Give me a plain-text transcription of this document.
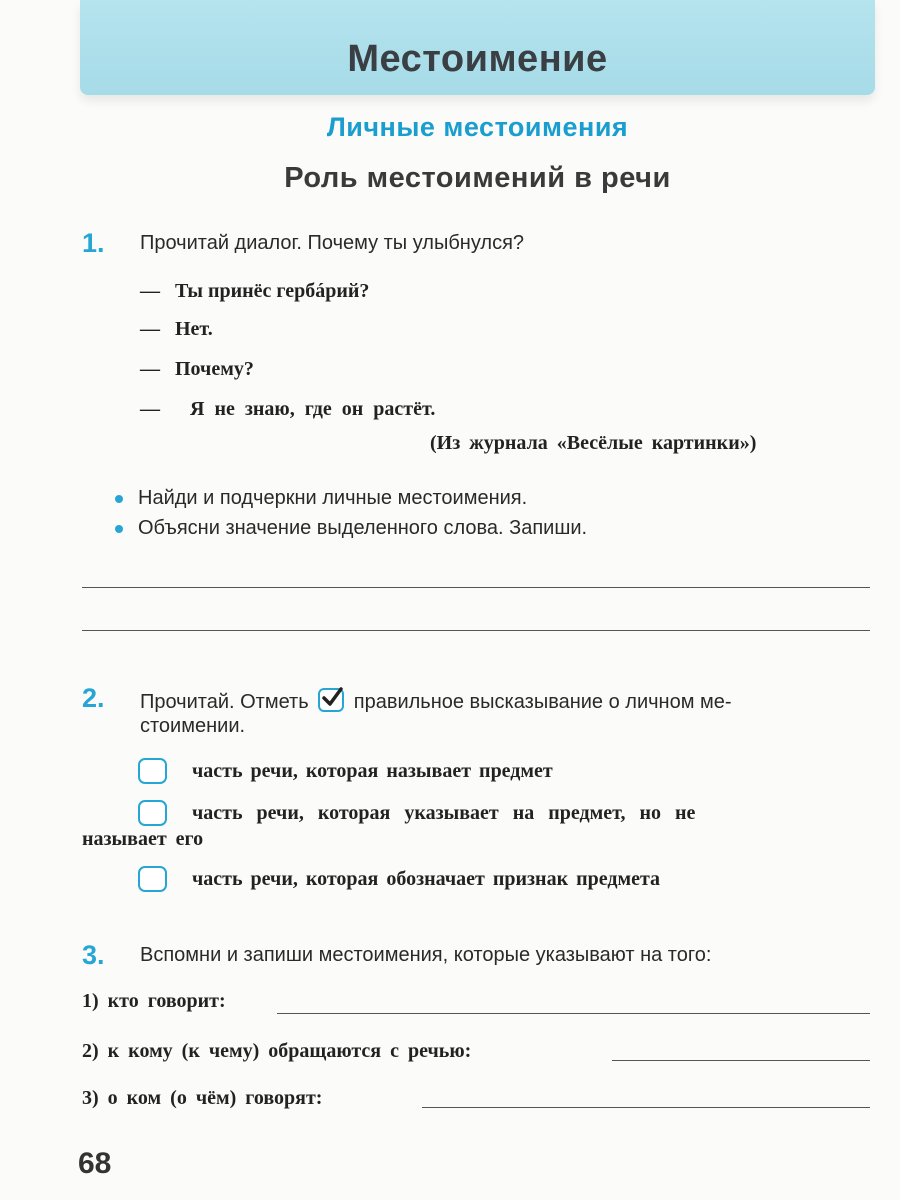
Местоимение
Личные местоимения
Роль местоимений в речи
1. Прочитай диалог. Почему ты улыбнулся?
— Ты принёс гербáрий?
— Нет.
— Почему?
— Я не знаю, где он растёт.
(Из журнала «Весёлые картинки»)
Найди и подчеркни личные местоимения.
Объясни значение выделенного слова. Запиши.
2. Прочитай. Отметь правильное высказывание о личном ме-
стоимении.
часть речи, которая называет предмет
часть речи, которая указывает на предмет, но не
называет его
часть речи, которая обозначает признак предмета
3. Вспомни и запиши местоимения, которые указывают на того:
1) кто говорит:
2) к кому (к чему) обращаются с речью:
3) о ком (о чём) говорят:
68
